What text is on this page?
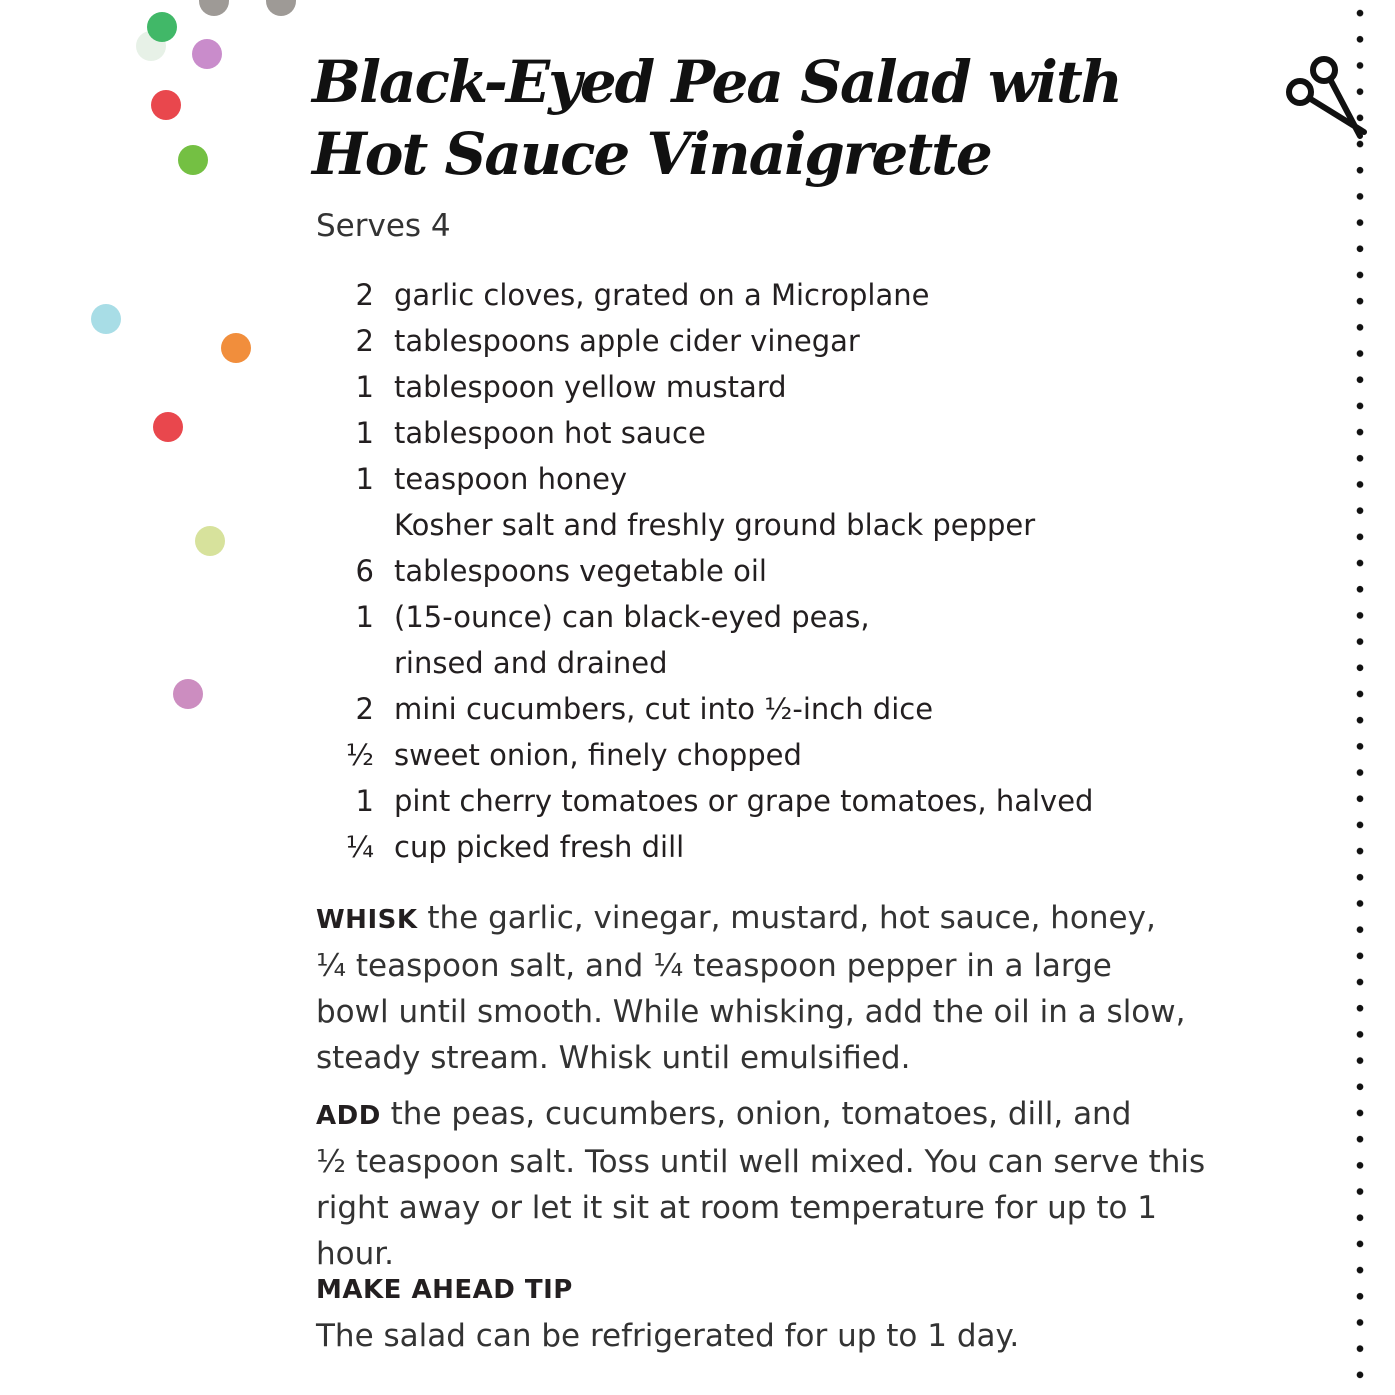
Black-Eyed Pea Salad with
Hot Sauce Vinaigrette
Serves 4
2 garlic cloves, grated on a Microplane
2 tablespoons apple cider vinegar
1 tablespoon yellow mustard
1 tablespoon hot sauce
1 teaspoon honey
Kosher salt and freshly ground black pepper
6 tablespoons vegetable oil
1 (15-ounce) can black-eyed peas,
rinsed and drained
2 mini cucumbers, cut into ½-inch dice
½ sweet onion, finely chopped
1 pint cherry tomatoes or grape tomatoes, halved
¼ cup picked fresh dill

WHISK the garlic, vinegar, mustard, hot sauce, honey,
¼ teaspoon salt, and ¼ teaspoon pepper in a large
bowl until smooth. While whisking, add the oil in a slow,
steady stream. Whisk until emulsified.

ADD the peas, cucumbers, onion, tomatoes, dill, and
½ teaspoon salt. Toss until well mixed. You can serve this
right away or let it sit at room temperature for up to 1 hour.

MAKE AHEAD TIP
The salad can be refrigerated for up to 1 day.
